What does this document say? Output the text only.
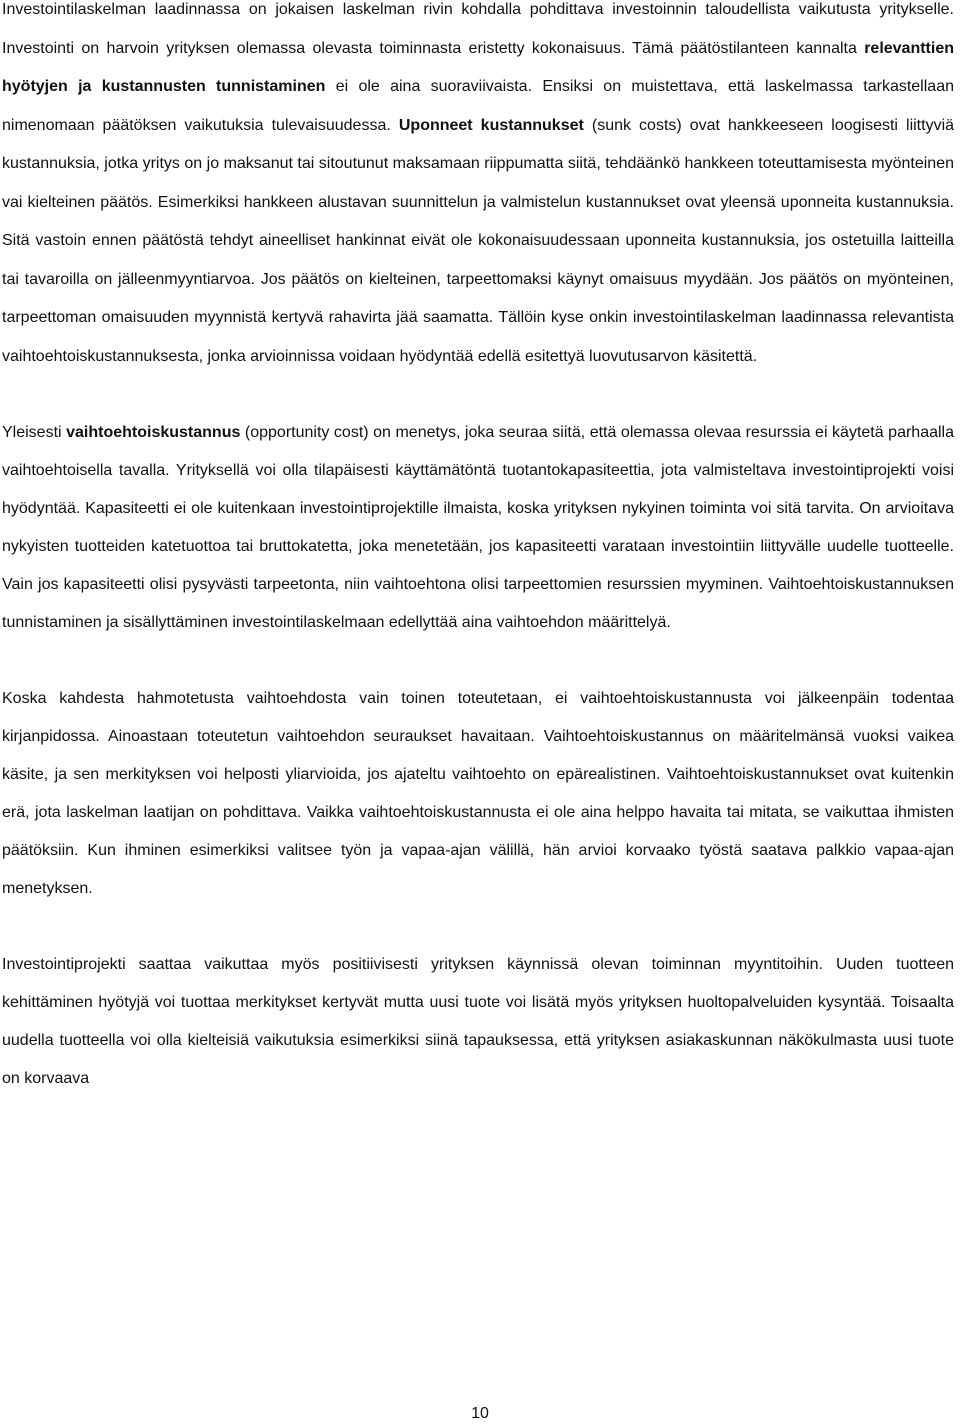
Investointilaskelman laadinnassa on jokaisen laskelman rivin kohdalla pohdittava investoinnin taloudellista vaikutusta yritykselle. Investointi on harvoin yrityksen olemassa olevasta toiminnasta eristetty kokonaisuus. Tämä päätöstilanteen kannalta relevanttien hyötyjen ja kustannusten tunnistaminen ei ole aina suoraviivaista. Ensiksi on muistettava, että laskelmassa tarkastellaan nimenomaan päätöksen vaikutuksia tulevaisuudessa. Uponneet kustannukset (sunk costs) ovat hankkeeseen loogisesti liittyviä kustannuksia, jotka yritys on jo maksanut tai sitoutunut maksamaan riippumatta siitä, tehdäänkö hankkeen toteuttamisesta myönteinen vai kielteinen päätös. Esimerkiksi hankkeen alustavan suunnittelun ja valmistelun kustannukset ovat yleensä uponneita kustannuksia. Sitä vastoin ennen päätöstä tehdyt aineelliset hankinnat eivät ole kokonaisuudessaan uponneita kustannuksia, jos ostetuilla laitteilla tai tavaroilla on jälleenmyyntiarvoa. Jos päätös on kielteinen, tarpeettomaksi käynyt omaisuus myydään. Jos päätös on myönteinen, tarpeettoman omaisuuden myynnistä kertyvä rahavirta jää saamatta. Tällöin kyse onkin investointilaskelman laadinnassa relevantista vaihtoehtoiskustannuksesta, jonka arvioinnissa voidaan hyödyntää edellä esitettyä luovutusarvon käsitettä.

Yleisesti vaihtoehtoiskustannus (opportunity cost) on menetys, joka seuraa siitä, että olemassa olevaa resurssia ei käytetä parhaalla vaihtoehtoisella tavalla. Yrityksellä voi olla tilapäisesti käyttämätöntä tuotantokapasiteettia, jota valmisteltava investointiprojekti voisi hyödyntää. Kapasiteetti ei ole kuitenkaan investointiprojektille ilmaista, koska yrityksen nykyinen toiminta voi sitä tarvita. On arvioitava nykyisten tuotteiden katetuottoa tai bruttokatetta, joka menetetään, jos kapasiteetti varataan investointiin liittyvälle uudelle tuotteelle. Vain jos kapasiteetti olisi pysyvästi tarpeetonta, niin vaihtoehtona olisi tarpeettomien resurssien myyminen. Vaihtoehtoiskustannuksen tunnistaminen ja sisällyttäminen investointilaskelmaan edellyttää aina vaihtoehdon määrittelyä.

Koska kahdesta hahmotetusta vaihtoehdosta vain toinen toteutetaan, ei vaihtoehtoiskustannusta voi jälkeenpäin todentaa kirjanpidossa. Ainoastaan toteutetun vaihtoehdon seuraukset havaitaan. Vaihtoehtoiskustannus on määritelmänsä vuoksi vaikea käsite, ja sen merkityksen voi helposti yliarvioida, jos ajateltu vaihtoehto on epärealistinen. Vaihtoehtoiskustannukset ovat kuitenkin erä, jota laskelman laatijan on pohdittava. Vaikka vaihtoehtoiskustannusta ei ole aina helppo havaita tai mitata, se vaikuttaa ihmisten päätöksiin. Kun ihminen esimerkiksi valitsee työn ja vapaa-ajan välillä, hän arvioi korvaako työstä saatava palkkio vapaa-ajan menetyksen.

Investointiprojekti saattaa vaikuttaa myös positiivisesti yrityksen käynnissä olevan toiminnan myyntitoihin. Uuden tuotteen kehittäminen hyötyjä voi tuottaa merkitykset kertyvät mutta uusi tuote voi lisätä myös yrityksen huoltopalveluiden kysyntää. Toisaalta uudella tuotteella voi olla kielteisiä vaikutuksia esimerkiksi siinä tapauksessa, että yrityksen asiakaskunnan näkökulmasta uusi tuote on korvaava

10
